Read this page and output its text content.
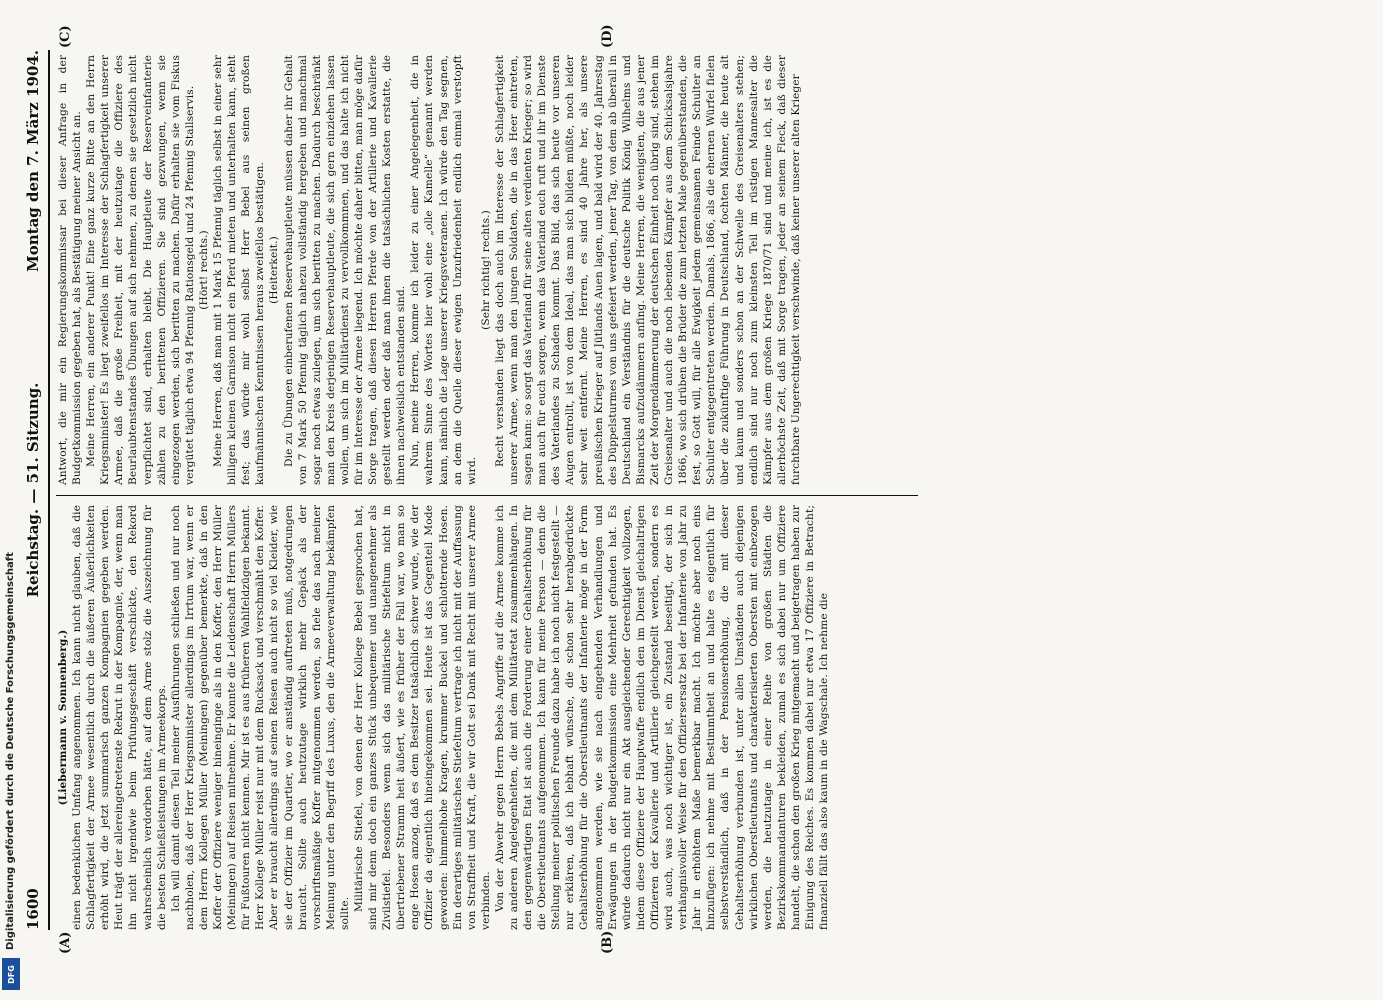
1600
Reichstag. — 51. Sitzung.
Montag den 7. März 1904.
(A)	(B)
(C)	(D)

(Liebermann v. Sonnenberg.) einen bedenklichen Umfang angenommen. Ich kann nicht glauben, daß die Schlagfertigkeit der Armee wesentlich durch die äußeren Äußerlichkeiten erhöht wird, die jetzt summarisch ganzen Kompagnien gegeben werden. Heut trägt der allereingetretenste Rekrut in der Kompagnie, der, wenn man ihn nicht irgendwie beim Prüfungsgeschäft verschickte, den Rekord wahrscheinlich verdorben hätte, auf dem Arme stolz die Auszeichnung für die besten Schießleistungen im Armeekorps. Ich will damit diesen Teil meiner Ausführungen schließen und nur noch nachholen, daß der Herr Kriegsminister allerdings im Irrtum war, wenn er dem Herrn Kollegen Müller (Meiningen) gegenüber bemerkte, daß in den Koffer der Offiziere weniger hineinginge als in den Koffer, den Herr Müller (Meiningen) auf Reisen mitnehme. Er konnte die Leidenschaft Herrn Müllers für Fußtouren nicht kennen. Mir ist es aus früheren Wahlfeldzügen bekannt. Herr Kollege Müller reist nur mit dem Rucksack und verschmäht den Koffer. Aber er braucht allerdings auf seinen Reisen auch nicht so viel Kleider, wie sie der Offizier im Quartier, wo er anständig auftreten muß, notgedrungen braucht. Sollte auch heutzutage wirklich mehr Gepäck als der vorschriftsmäßige Koffer mitgenommen werden, so fiele das nach meiner Meinung unter den Begriff des Luxus, den die Armeeverwaltung bekämpfen sollte.

Militärische Stiefel, von denen der Herr Kollege Bebel gesprochen hat, sind mir denn doch ein ganzes Stück unbequemer und unangenehmer als Zivilstiefel. Besonders wenn sich das militärische Stiefeltum nicht in übertriebener Stramm heit äußert, wie es früher der Fall war, wo man so enge Hosen anzog, daß es dem Besitzer tatsächlich schwer wurde, wie der Offizier da eigentlich hineingekommen sei. Heute ist das Gegenteil Mode geworden: himmelhohe Kragen, krummer Buckel und schlotternde Hosen. Ein derartiges militärisches Stiefeltum vertrage ich nicht mit der Auffassung von Straffheit und Kraft, die wir Gott sei Dank mit Recht mit unserer Armee verbinden. Von der Abwehr gegen Herrn Bebels Angriffe auf die Armee komme ich zu anderen Angelegenheiten, die mit dem Militäretat zusammenhängen. In den gegenwärtigen Etat ist auch die Forderung einer Gehaltserhöhung für die Oberstleutnants aufgenommen. Ich kann für meine Person — denn die Stellung meiner politischen Freunde dazu habe ich noch nicht festgestellt — nur erklären, daß ich lebhaft wünsche, die schon sehr herabgedrückte Gehaltserhöhung für die Oberstleutnants der Infanterie möge in der Form angenommen werden, wie sie nach eingehenden Verhandlungen und Erwägungen in der Budgetkommission eine Mehrheit gefunden hat. Es würde dadurch nicht nur ein Akt ausgleichender Gerechtigkeit vollzogen, indem diese Offiziere der Hauptwaffe endlich den im Dienst gleichaltrigen Offizieren der Kavallerie und Artillerie gleichgestellt werden, sondern es wird auch, was noch wichtiger ist, ein Zustand beseitigt, der sich in verhängnisvoller Weise für den Offiziersersatz bei der Infanterie von Jahr zu Jahr in erhöhtem Maße bemerkbar macht. Ich möchte aber noch eins hinzufügen: ich nehme mit Bestimmtheit an und halte es eigentlich für selbstverständlich, daß in der Pensionserhöhung, die mit dieser Gehaltserhöhung verbunden ist, unter allen Umständen auch diejenigen wirklichen Oberstleutnants und charakterisierten Obersten mit einbezogen werden, die heutzutage in einer Reihe von großen Städten die Bezirkskommandanturen bekleiden, zumal es sich dabei nur um Offiziere handelt, die schon den großen Krieg mitgemacht und beigetragen haben zur Einigung des Reiches. Es kommen dabei nur etwa 17 Offiziere in Betracht; finanziell fällt das also kaum in die Wagschale. Ich nehme die

Antwort, die mir ein Regierungskommissar bei dieser Anfrage in der Budgetkommission gegeben hat, als Bestätigung meiner Ansicht an. Meine Herren, ein anderer Punkt! Eine ganz kurze Bitte an den Herrn Kriegsminister! Es liegt zweifellos im Interesse der Schlagfertigkeit unserer Armee, daß die große Freiheit, mit der heutzutage die Offiziere des Beurlaubtenstandes Übungen auf sich nehmen, zu denen sie gesetzlich nicht verpflichtet sind, erhalten bleibt. Die Hauptleute der Reserveinfanterie zählen zu den berittenen Offizieren. Sie sind gezwungen, wenn sie eingezogen werden, sich beritten zu machen. Dafür erhalten sie vom Fiskus vergütet täglich etwa 94 Pfennig Rationsgeld und 24 Pfennig Stallservis. (Hört! rechts.) Meine Herren, daß man mit 1 Mark 15 Pfennig täglich selbst in einer sehr billigen kleinen Garnison nicht ein Pferd mieten und unterhalten kann, steht fest; das würde mir wohl selbst Herr Bebel aus seinen großen kaufmännischen Kenntnissen heraus zweifellos bestätigen. (Heiterkeit.) Die zu Übungen einberufenen Reservehauptleute müssen daher ihr Gehalt von 7 Mark 50 Pfennig täglich nahezu vollständig hergeben und manchmal sogar noch etwas zulegen, um sich beritten zu machen. Dadurch beschränkt man den Kreis derjenigen Reservehauptleute, die sich gern einziehen lassen wollen, um sich im Militärdienst zu vervollkommnen, und das halte ich nicht für im Interesse der Armee liegend. Ich möchte daher bitten, man möge dafür Sorge tragen, daß diesen Herren Pferde von der Artillerie und Kavallerie gestellt werden oder daß man ihnen die tatsächlichen Kosten erstatte, die ihnen nachweislich entstanden sind. Nun, meine Herren, komme ich leider zu einer Angelegenheit, die in wahrem Sinne des Wortes hier wohl eine „olle Kamelle“ genannt werden kann, nämlich die Lage unserer Kriegsveteranen. Ich würde den Tag segnen, an dem die Quelle dieser ewigen Unzufriedenheit endlich einmal verstopft wird.

(Sehr richtig! rechts.) Recht verstanden liegt das doch auch im Interesse der Schlagfertigkeit unserer Armee, wenn man den jungen Soldaten, die in das Heer eintreten, sagen kann: so sorgt das Vaterland für seine alten verdienten Krieger; so wird man auch für euch sorgen, wenn das Vaterland euch ruft und ihr im Dienste des Vaterlandes zu Schaden kommt. Das Bild, das sich heute vor unseren Augen entrollt, ist von dem Ideal, das man sich bilden müßte, noch leider sehr weit entfernt. Meine Herren, es sind 40 Jahre her, als unsere preußischen Krieger auf Jütlands Auen lagen, und bald wird der 40. Jahrestag des Düppelsturmes von uns gefeiert werden, jener Tag, von dem ab überall in Deutschland ein Verständnis für die deutsche Politik König Wilhelms und Bismarcks aufzudämmern anfing. Meine Herren, die wenigsten, die aus jener Zeit der Morgendämmerung der deutschen Einheit noch übrig sind, stehen im Greisenalter und auch die noch lebenden Kämpfer aus dem Schicksalsjahre 1866, wo sich drüben die Brüder die zum letzten Male gegenüberstanden, die fest, so Gott will, für alle Ewigkeit jedem gemeinsamen Feinde Schulter an Schulter entgegentreten werden. Damals, 1866, als die ehernen Würfel fielen über die zukünftige Führung in Deutschland, fochten Männer, die heute alt und kaum und sonders schon an der Schwelle des Greisenalters stehen; endlich sind nur noch zum kleinsten Teil im rüstigen Mannesalter die Kämpfer aus dem großen Kriege 1870/71 sind und meine ich, ist es die allerhöchste Zeit, daß mit Sorge tragen, jeder an seinem Fleck, daß dieser furchtbare Ungerechtigkeit verschwinde, daß keiner unserer alten Krieger

Digitalisierung gefördert durch die Deutsche Forschungsgemeinschaft
DFG
